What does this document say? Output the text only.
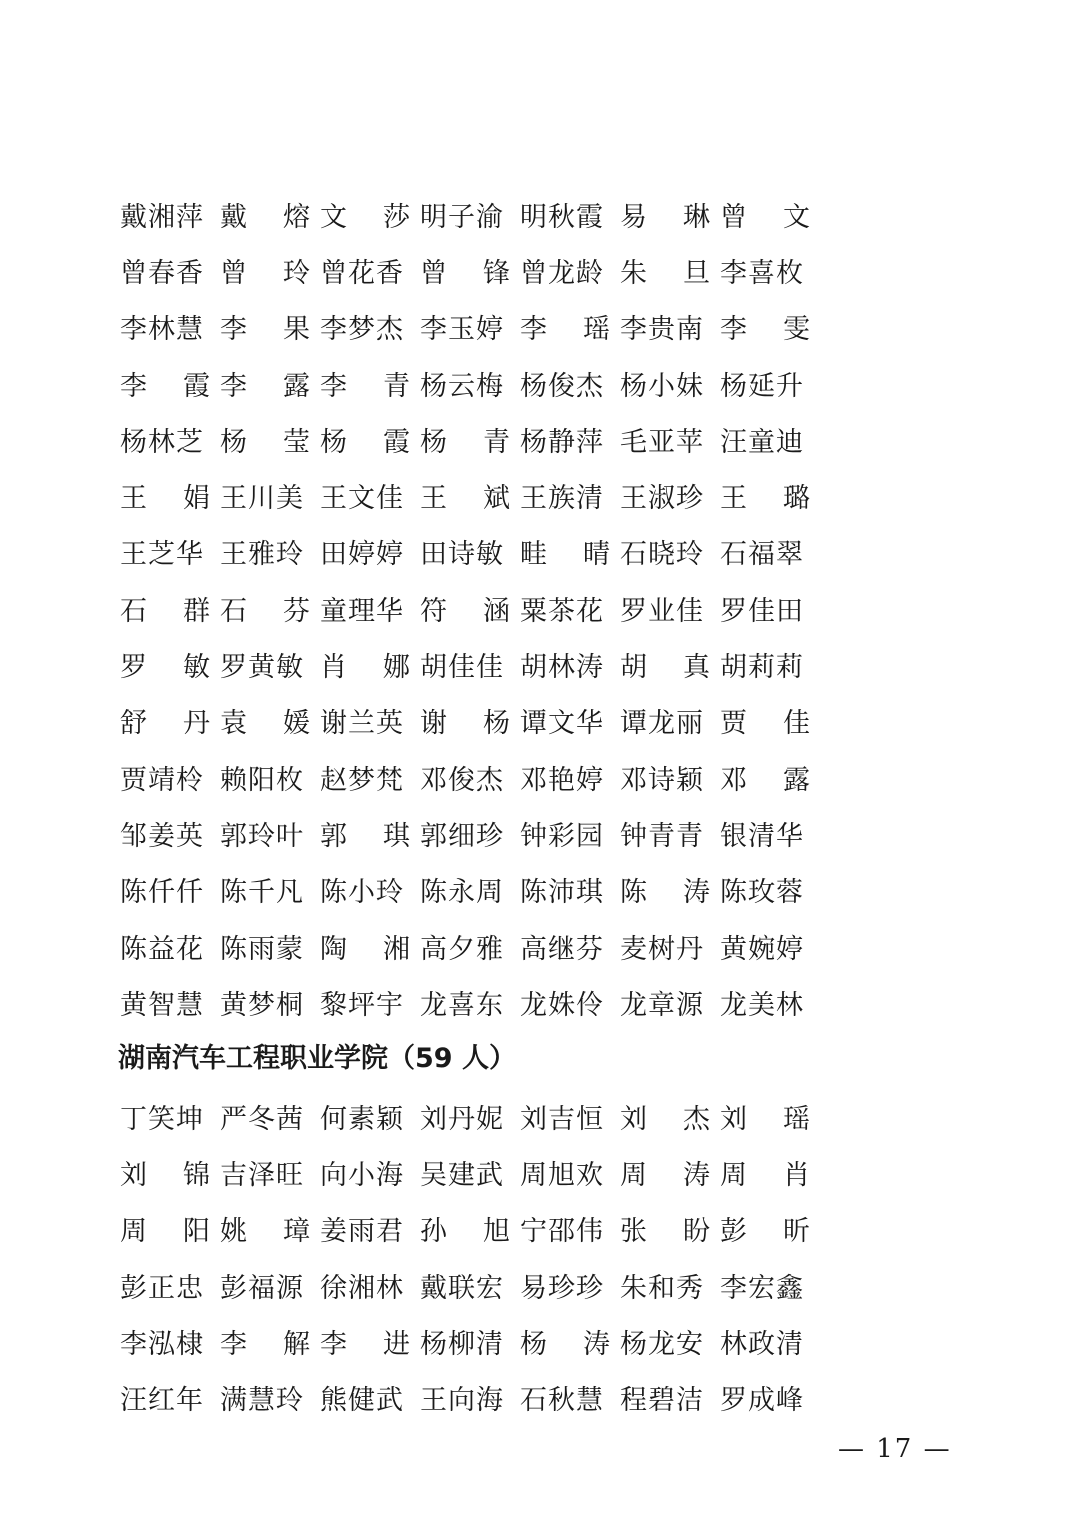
戴湘萍 戴 熔 文 莎 明子渝 明秋霞 易 琳 曾 文
曾春香 曾 玲 曾花香 曾 锋 曾龙龄 朱 旦 李喜枚
李林慧 李 果 李梦杰 李玉婷 李 瑶 李贵南 李 雯
李 霞 李 露 李 青 杨云梅 杨俊杰 杨小妹 杨延升
杨林芝 杨 莹 杨 霞 杨 青 杨静萍 毛亚苹 汪童迪
王 娟 王川美 王文佳 王 斌 王族清 王淑珍 王 璐
王芝华 王雅玲 田婷婷 田诗敏 畦 晴 石晓玲 石福翠
石 群 石 芬 童理华 符 涵 粟茶花 罗业佳 罗佳田
罗 敏 罗黄敏 肖 娜 胡佳佳 胡林涛 胡 真 胡莉莉
舒 丹 袁 媛 谢兰英 谢 杨 谭文华 谭龙丽 贾 佳
贾靖柃 赖阳枚 赵梦梵 邓俊杰 邓艳婷 邓诗颖 邓 露
邹姜英 郭玲叶 郭 琪 郭细珍 钟彩园 钟青青 银清华
陈仟仟 陈千凡 陈小玲 陈永周 陈沛琪 陈 涛 陈玫蓉
陈益花 陈雨蒙 陶 湘 高夕雅 高继芬 麦树丹 黄婉婷
黄智慧 黄梦桐 黎坪宇 龙喜东 龙姝伶 龙章源 龙美林
湖南汽车工程职业学院（59 人）
丁笑坤 严冬茜 何素颖 刘丹妮 刘吉恒 刘 杰 刘 瑶
刘 锦 吉泽旺 向小海 吴建武 周旭欢 周 涛 周 肖
周 阳 姚 璋 姜雨君 孙 旭 宁邵伟 张 盼 彭 昕
彭正忠 彭福源 徐湘林 戴联宏 易珍珍 朱和秀 李宏鑫
李泓棣 李 解 李 进 杨柳清 杨 涛 杨龙安 林政清
汪红年 满慧玲 熊健武 王向海 石秋慧 程碧洁 罗成峰
— 17 —
